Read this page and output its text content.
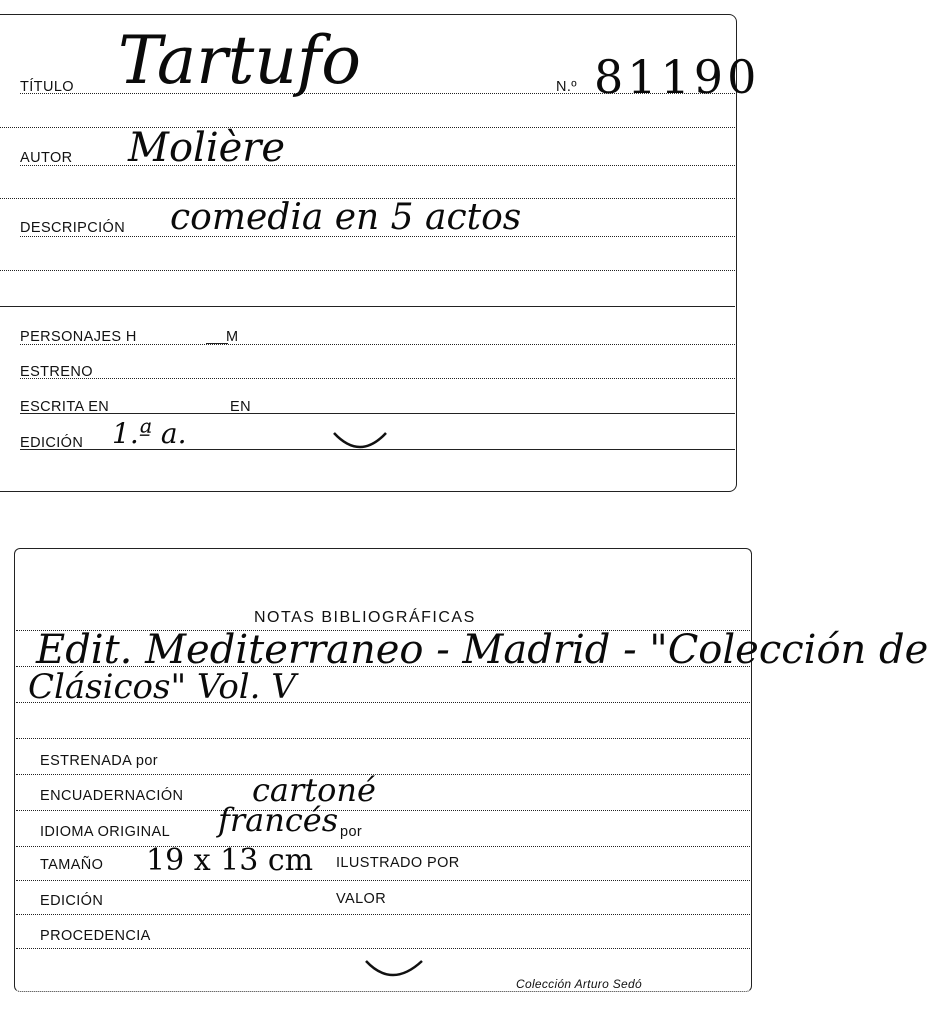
TÍTULO Tartufo	N.º 81190
AUTOR Molière
DESCRIPCIÓN comedia en 5 actos
PERSONAJES H	M
ESTRENO
ESCRITA EN	EN
EDICIÓN 1.ª a.
NOTAS BIBLIOGRÁFICAS
Edit. Mediterraneo - Madrid - "Colección de
Clásicos" Vol. V
ESTRENADA por
ENCUADERNACIÓN cartoné
IDIOMA ORIGINAL francés por
TAMAÑO 19 x 13 cm ILUSTRADO POR
EDICIÓN	VALOR
PROCEDENCIA
Colección Arturo Sedó
